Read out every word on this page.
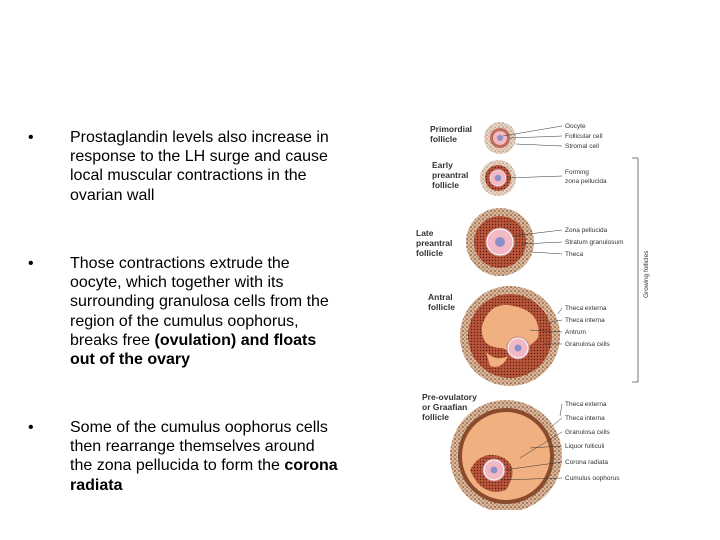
• Prostaglandin levels also increase in response to the LH surge and cause local muscular contractions in the ovarian wall
• Those contractions extrude the oocyte, which together with its surrounding granulosa cells from the region of the cumulus oophorus, breaks free (ovulation) and floats out of the ovary
• Some of the cumulus oophorus cells then rearrange themselves around the zona pellucida to form the corona radiata
Primordial
follicle
Early
preantral
follicle
Late
preantral
follicle
Antral
follicle
Pre-ovulatory
or Graafian
follicle
Oocyte
Follicular cell
Stromal cell
Forming
zona pellucida
Zona pellucida
Stratum granulosum
Theca
Theca externa
Theca interna
Antrum
Granulosa cells
Theca externa
Theca interna
Granulosa cells
Liquor folliculi
Corona radiata
Cumulus oophorus
Growing follicles
